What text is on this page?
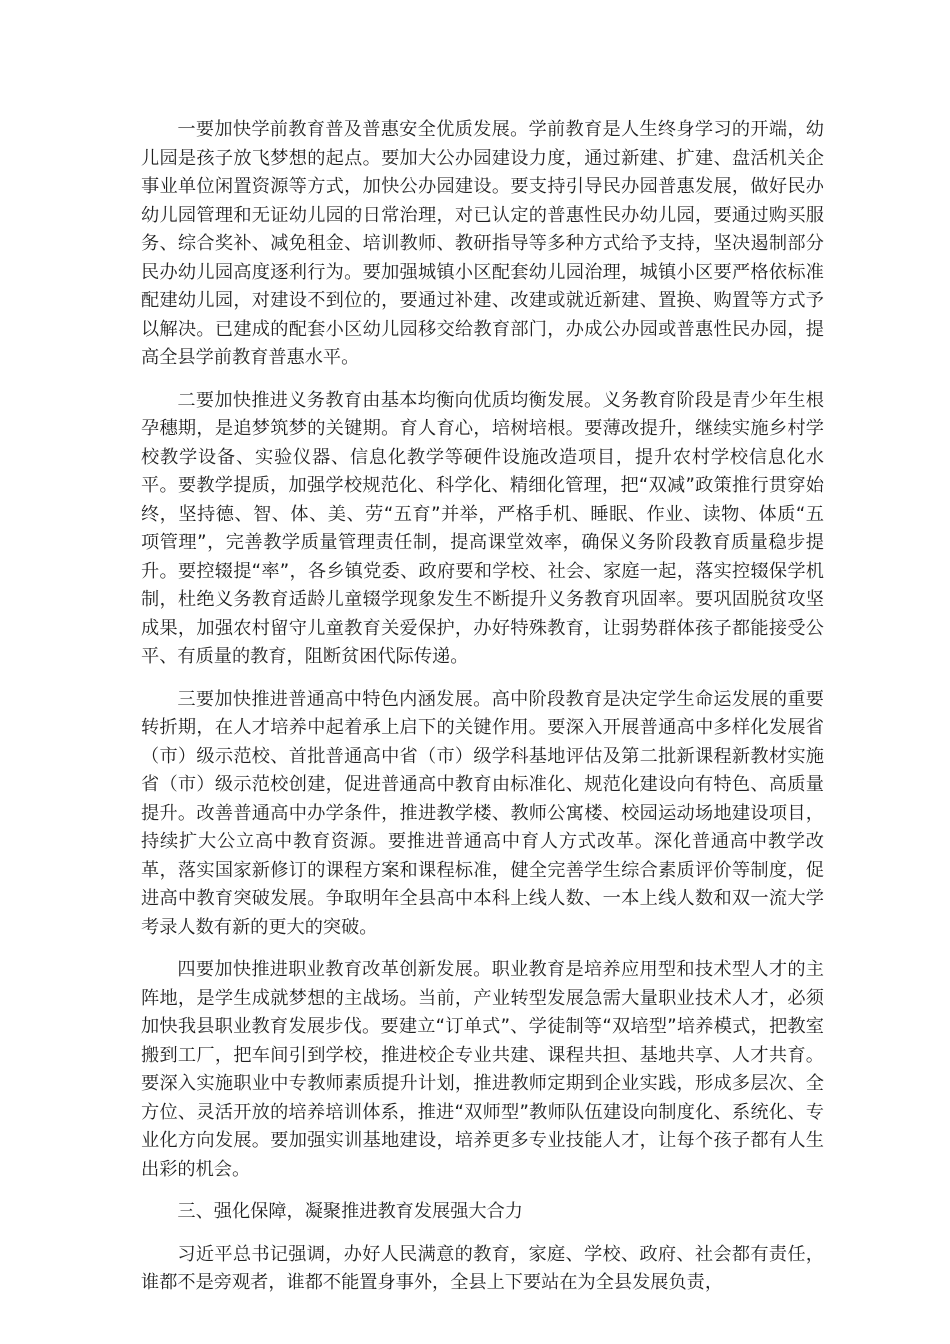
一要加快学前教育普及普惠安全优质发展。学前教育是人生终身学习的开端，幼儿园是孩子放飞梦想的起点。要加大公办园建设力度，通过新建、扩建、盘活机关企事业单位闲置资源等方式，加快公办园建设。要支持引导民办园普惠发展，做好民办幼儿园管理和无证幼儿园的日常治理，对已认定的普惠性民办幼儿园，要通过购买服务、综合奖补、减免租金、培训教师、教研指导等多种方式给予支持，坚决遏制部分民办幼儿园高度逐利行为。要加强城镇小区配套幼儿园治理，城镇小区要严格依标准配建幼儿园，对建设不到位的，要通过补建、改建或就近新建、置换、购置等方式予以解决。已建成的配套小区幼儿园移交给教育部门，办成公办园或普惠性民办园，提高全县学前教育普惠水平。

二要加快推进义务教育由基本均衡向优质均衡发展。义务教育阶段是青少年生根孕穗期，是追梦筑梦的关键期。育人育心，培树培根。要薄改提升，继续实施乡村学校教学设备、实验仪器、信息化教学等硬件设施改造项目，提升农村学校信息化水平。要教学提质，加强学校规范化、科学化、精细化管理，把“双减”政策推行贯穿始终，坚持德、智、体、美、劳“五育”并举，严格手机、睡眠、作业、读物、体质“五项管理”，完善教学质量管理责任制，提高课堂效率，确保义务阶段教育质量稳步提升。要控辍提“率”，各乡镇党委、政府要和学校、社会、家庭一起，落实控辍保学机制，杜绝义务教育适龄儿童辍学现象发生不断提升义务教育巩固率。要巩固脱贫攻坚成果，加强农村留守儿童教育关爱保护，办好特殊教育，让弱势群体孩子都能接受公平、有质量的教育，阻断贫困代际传递。

三要加快推进普通高中特色内涵发展。高中阶段教育是决定学生命运发展的重要转折期，在人才培养中起着承上启下的关键作用。要深入开展普通高中多样化发展省（市）级示范校、首批普通高中省（市）级学科基地评估及第二批新课程新教材实施省（市）级示范校创建，促进普通高中教育由标准化、规范化建设向有特色、高质量提升。改善普通高中办学条件，推进教学楼、教师公寓楼、校园运动场地建设项目，持续扩大公立高中教育资源。要推进普通高中育人方式改革。深化普通高中教学改革，落实国家新修订的课程方案和课程标准，健全完善学生综合素质评价等制度，促进高中教育突破发展。争取明年全县高中本科上线人数、一本上线人数和双一流大学考录人数有新的更大的突破。

四要加快推进职业教育改革创新发展。职业教育是培养应用型和技术型人才的主阵地，是学生成就梦想的主战场。当前，产业转型发展急需大量职业技术人才，必须加快我县职业教育发展步伐。要建立“订单式”、学徒制等“双培型”培养模式，把教室搬到工厂，把车间引到学校，推进校企专业共建、课程共担、基地共享、人才共育。要深入实施职业中专教师素质提升计划，推进教师定期到企业实践，形成多层次、全方位、灵活开放的培养培训体系，推进“双师型”教师队伍建设向制度化、系统化、专业化方向发展。要加强实训基地建设，培养更多专业技能人才，让每个孩子都有人生出彩的机会。

三、强化保障，凝聚推进教育发展强大合力

习近平总书记强调，办好人民满意的教育，家庭、学校、政府、社会都有责任，谁都不是旁观者，谁都不能置身事外，全县上下要站在为全县发展负责，
